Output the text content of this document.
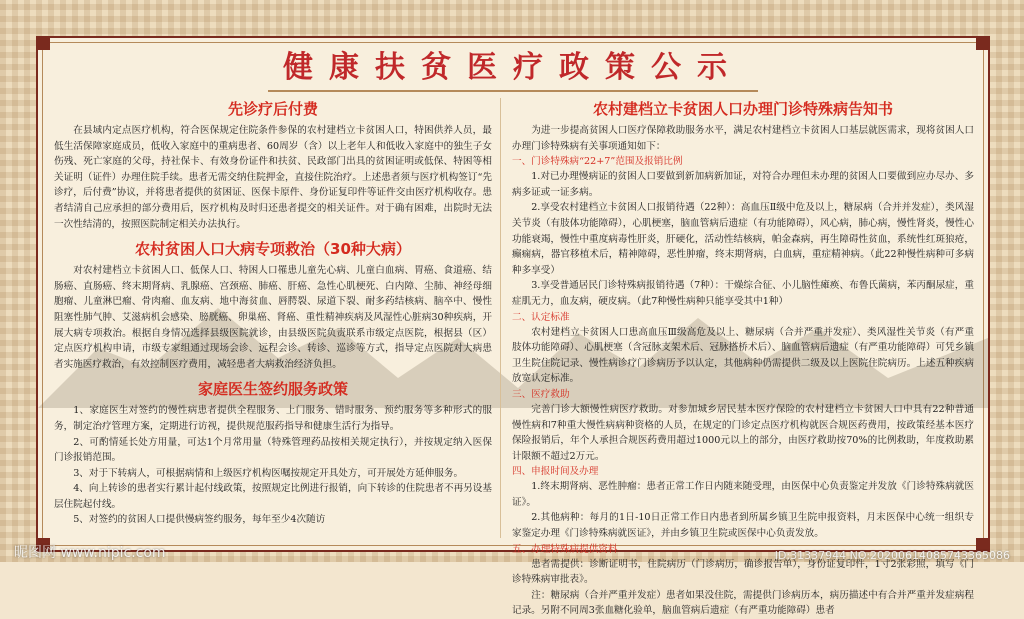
健康扶贫医疗政策公示
先诊疗后付费

在县域内定点医疗机构，符合医保规定住院条件参保的农村建档立卡贫困人口，特困供养人员，最低生活保障家庭成员，低收入家庭中的重病患者、60周岁（含）以上老年人和低收入家庭中的独生子女伤残、死亡家庭的父母，持社保卡、有效身份证件和扶贫、民政部门出具的贫困证明或低保、特困等相关证明（证件）办理住院手续。患者无需交纳住院押金，直接住院治疗。上述患者须与医疗机构签订“先诊疗，后付费”协议，并将患者提供的贫困证、医保卡原件、身份证复印件等证件交由医疗机构收存。患者结清自己应承担的部分费用后，医疗机构及时归还患者提交的相关证件。对于确有困难，出院时无法一次性结清的，按照医院制定相关办法执行。

农村贫困人口大病专项救治（30种大病）

对农村建档立卡贫困人口、低保人口、特困人口罹患儿童先心病、儿童白血病、胃癌、食道癌、结肠癌、直肠癌、终末期肾病、乳腺癌、宫颈癌、肺癌、肝癌、急性心肌梗死、白内障、尘肺、神经母细胞瘤、儿童淋巴瘤、骨肉瘤、血友病、地中海贫血、唇腭裂、尿道下裂、耐多药结核病、脑卒中、慢性阻塞性肺气肿、艾滋病机会感染、膀胱癌、卵巢癌、肾癌、重性精神疾病及风湿性心脏病30种疾病，开展大病专项救治。根据自身情况选择县级医院就诊，由县级医院负责联系市级定点医院，根据县（区）定点医疗机构申请，市级专家组通过现场会诊、远程会诊、转诊、巡诊等方式，指导定点医院对大病患者实施医疗救治，有效控制医疗费用，减轻患者大病救治经济负担。

家庭医生签约服务政策

1、家庭医生对签约的慢性病患者提供全程服务、上门服务、错时服务、预约服务等多种形式的服务，制定治疗管理方案，定期进行访视，提供规范服药指导和健康生活行为指导。

2、可酌情延长处方用量，可达1个月常用量（特殊管理药品按相关规定执行），并按规定纳入医保门诊报销范围。

3、对于下转病人，可根据病情和上级医疗机构医嘱按规定开具处方，可开展处方延伸服务。

4、向上转诊的患者实行累计起付线政策，按照规定比例进行报销，向下转诊的住院患者不再另设基层住院起付线。

5、对签约的贫困人口提供慢病签约服务，每年至少4次随访

农村建档立卡贫困人口办理门诊特殊病告知书

为进一步提高贫困人口医疗保障救助服务水平，满足农村建档立卡贫困人口基层就医需求，现将贫困人口办理门诊特殊病有关事项通知如下：

一、门诊特殊病“22+7”范围及报销比例

1.对已办理慢病证的贫困人口要做到新加病新加证，对符合办理但未办理的贫困人口要做到应办尽办、多病多证或一证多病。

2.享受农村建档立卡贫困人口报销待遇（22种）：高血压Ⅱ级中危及以上，糖尿病（合并并发症），类风湿关节炎（有肢体功能障碍），心肌梗塞，脑血管病后遗症（有功能障碍），风心病，肺心病，慢性肾炎，慢性心功能衰竭，慢性中重度病毒性肝炎，肝硬化，活动性结核病，帕金森病，再生障碍性贫血，系统性红斑狼疮，癫痫病，器官移植术后，精神障碍，恶性肿瘤，终末期肾病，白血病，重症精神病。（此22种慢性病种可多病种多享受）

3.享受普通居民门诊特殊病报销待遇（7种）：干燥综合征、小儿脑性瘫痪、布鲁氏菌病，苯丙酮尿症，重症肌无力，血友病，硬皮病。（此7种慢性病种只能享受其中1种）

二、认定标准

农村建档立卡贫困人口患高血压Ⅲ级高危及以上、糖尿病（合并严重并发症）、类风湿性关节炎（有严重肢体功能障碍）、心肌梗塞（含冠脉支架术后、冠脉搭桥术后）、脑血管病后遗症（有严重功能障碍）可凭乡镇卫生院住院记录、慢性病诊疗门诊病历予以认定，其他病种仍需提供二级及以上医院住院病历。上述五种疾病放宽认定标准。

三、医疗救助

完善门诊大额慢性病医疗救助。对参加城乡居民基本医疗保险的农村建档立卡贫困人口中具有22种普通慢性病和7种重大慢性病病种资格的人员，在规定的门诊定点医疗机构就医合规医药费用，按政策经基本医疗保险报销后，年个人承担合规医药费用超过1000元以上的部分，由医疗救助按70%的比例救助，年度救助累计限额不超过2万元。

四、申报时间及办理

1.终末期肾病、恶性肿瘤：患者正常工作日内随来随受理，由医保中心负责鉴定并发放《门诊特殊病就医证》。

2.其他病种：每月的1日-10日正常工作日内患者到所属乡镇卫生院申报资料，月末医保中心统一组织专家鉴定办理《门诊特殊病就医证》，并由乡镇卫生院或医保中心负责发放。

五、办理特殊病提供资料

患者需提供：诊断证明书，住院病历（门诊病历，确诊报告单），身份证复印件，1寸2张彩照，填写《门诊特殊病审批表》。

注：糖尿病（合并严重并发症）患者如果没住院，需提供门诊病历本，病历描述中有合并严重并发症病程记录。另附不同周3张血糖化验单，脑血管病后遗症（有严重功能障碍）患者

昵图网 www.nipic.com	ID:31337944 NO:20200614085743365086
